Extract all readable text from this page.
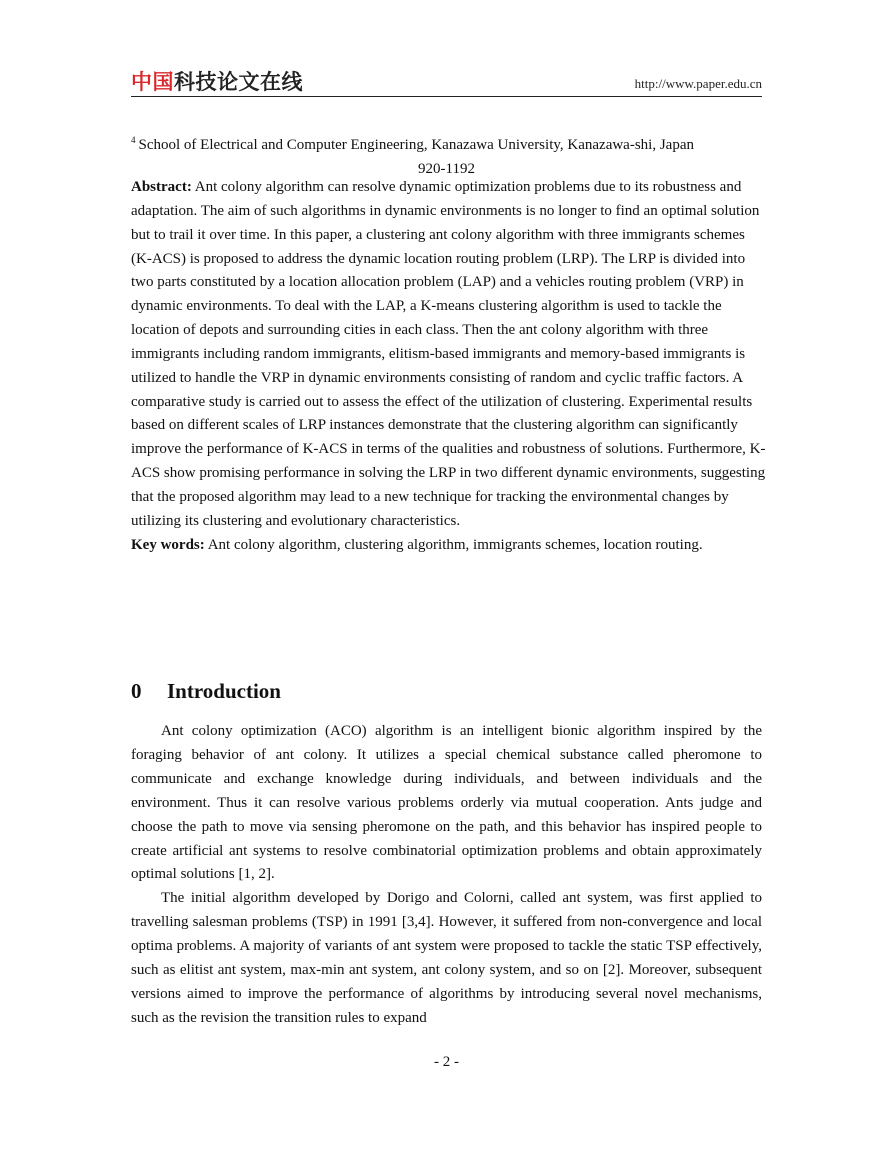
中国科技论文在线	http://www.paper.edu.cn
$^4$ School of Electrical and Computer Engineering, Kanazawa University, Kanazawa-shi, Japan
920-1192

Abstract: Ant colony algorithm can resolve dynamic optimization problems due to its robustness and adaptation. The aim of such algorithms in dynamic environments is no longer to find an optimal solution but to trail it over time. In this paper, a clustering ant colony algorithm with three immigrants schemes (K-ACS) is proposed to address the dynamic location routing problem (LRP). The LRP is divided into two parts constituted by a location allocation problem (LAP) and a vehicles routing problem (VRP) in dynamic environments. To deal with the LAP, a K-means clustering algorithm is used to tackle the location of depots and surrounding cities in each class. Then the ant colony algorithm with three immigrants including random immigrants, elitism-based immigrants and memory-based immigrants is utilized to handle the VRP in dynamic environments consisting of random and cyclic traffic factors. A comparative study is carried out to assess the effect of the utilization of clustering. Experimental results based on different scales of LRP instances demonstrate that the clustering algorithm can significantly improve the performance of K-ACS in terms of the qualities and robustness of solutions. Furthermore, K-ACS show promising performance in solving the LRP in two different dynamic environments, suggesting that the proposed algorithm may lead to a new technique for tracking the environmental changes by utilizing its clustering and evolutionary characteristics.

Key words: Ant colony algorithm, clustering algorithm, immigrants schemes, location routing.

0 Introduction

Ant colony optimization (ACO) algorithm is an intelligent bionic algorithm inspired by the foraging behavior of ant colony. It utilizes a special chemical substance called pheromone to communicate and exchange knowledge during individuals, and between individuals and the environment. Thus it can resolve various problems orderly via mutual cooperation. Ants judge and choose the path to move via sensing pheromone on the path, and this behavior has inspired people to create artificial ant systems to resolve combinatorial optimization problems and obtain approximately optimal solutions [1, 2].

The initial algorithm developed by Dorigo and Colorni, called ant system, was first applied to travelling salesman problems (TSP) in 1991 [3,4]. However, it suffered from non-convergence and local optima problems. A majority of variants of ant system were proposed to tackle the static TSP effectively, such as elitist ant system, max-min ant system, ant colony system, and so on [2]. Moreover, subsequent versions aimed to improve the performance of algorithms by introducing several novel mechanisms, such as the revision the transition rules to expand

- 2 -
